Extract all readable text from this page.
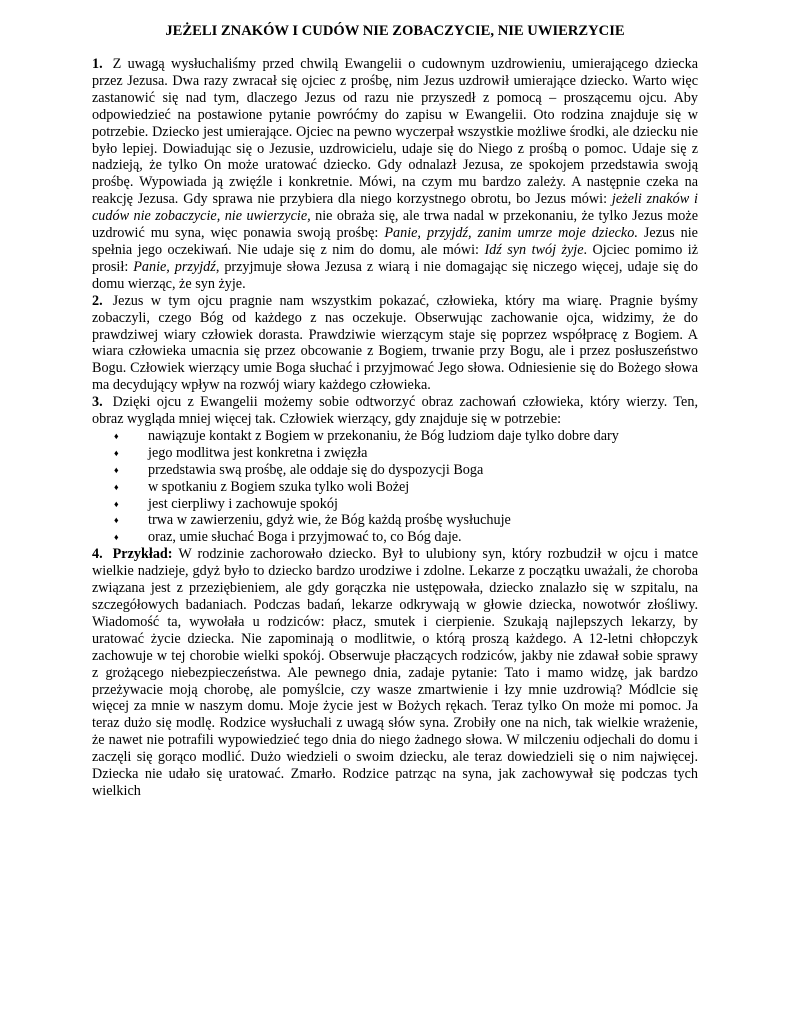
JEŻELI ZNAKÓW I CUDÓW NIE ZOBACZYCIE, NIE UWIERZYCIE

1. Z uwagą wysłuchaliśmy przed chwilą Ewangelii o cudownym uzdrowieniu, umierającego dziecka przez Jezusa. Dwa razy zwracał się ojciec z prośbę, nim Jezus uzdrowił umierające dziecko. Warto więc zastanowić się nad tym, dlaczego Jezus od razu nie przyszedł z pomocą – proszącemu ojcu. Aby odpowiedzieć na postawione pytanie powróćmy do zapisu w Ewangelii. Oto rodzina znajduje się w potrzebie. Dziecko jest umierające. Ojciec na pewno wyczerpał wszystkie możliwe środki, ale dziecku nie było lepiej. Dowiadując się o Jezusie, uzdrowicielu, udaje się do Niego z prośbą o pomoc. Udaje się z nadzieją, że tylko On może uratować dziecko. Gdy odnalazł Jezusa, ze spokojem przedstawia swoją prośbę. Wypowiada ją zwięźle i konkretnie. Mówi, na czym mu bardzo zależy. A następnie czeka na reakcję Jezusa. Gdy sprawa nie przybiera dla niego korzystnego obrotu, bo Jezus mówi: jeżeli znaków i cudów nie zobaczycie, nie uwierzycie, nie obraża się, ale trwa nadal w przekonaniu, że tylko Jezus może uzdrowić mu syna, więc ponawia swoją prośbę: Panie, przyjdź, zanim umrze moje dziecko. Jezus nie spełnia jego oczekiwań. Nie udaje się z nim do domu, ale mówi: Idź syn twój żyje. Ojciec pomimo iż prosił: Panie, przyjdź, przyjmuje słowa Jezusa z wiarą i nie domagając się niczego więcej, udaje się do domu wierząc, że syn żyje.

2. Jezus w tym ojcu pragnie nam wszystkim pokazać, człowieka, który ma wiarę. Pragnie byśmy zobaczyli, czego Bóg od każdego z nas oczekuje. Obserwując zachowanie ojca, widzimy, że do prawdziwej wiary człowiek dorasta. Prawdziwie wierzącym staje się poprzez współpracę z Bogiem. A wiara człowieka umacnia się przez obcowanie z Bogiem, trwanie przy Bogu, ale i przez posłuszeństwo Bogu. Człowiek wierzący umie Boga słuchać i przyjmować Jego słowa. Odniesienie się do Bożego słowa ma decydujący wpływ na rozwój wiary każdego człowieka.

3. Dzięki ojcu z Ewangelii możemy sobie odtworzyć obraz zachowań człowieka, który wierzy. Ten, obraz wygląda mniej więcej tak. Człowiek wierzący, gdy znajduje się w potrzebie:

♦ nawiązuje kontakt z Bogiem w przekonaniu, że Bóg ludziom daje tylko dobre dary
♦ jego modlitwa jest konkretna i zwięzła
♦ przedstawia swą prośbę, ale oddaje się do dyspozycji Boga
♦ w spotkaniu z Bogiem szuka tylko woli Bożej
♦ jest cierpliwy i zachowuje spokój
♦ trwa w zawierzeniu, gdyż wie, że Bóg każdą prośbę wysłuchuje
♦ oraz, umie słuchać Boga i przyjmować to, co Bóg daje.

4. Przykład: W rodzinie zachorowało dziecko. Był to ulubiony syn, który rozbudził w ojcu i matce wielkie nadzieje, gdyż było to dziecko bardzo urodziwe i zdolne. Lekarze z początku uważali, że choroba związana jest z przeziębieniem, ale gdy gorączka nie ustępowała, dziecko znalazło się w szpitalu, na szczegółowych badaniach. Podczas badań, lekarze odkrywają w głowie dziecka, nowotwór złośliwy. Wiadomość ta, wywołała u rodziców: płacz, smutek i cierpienie. Szukają najlepszych lekarzy, by uratować życie dziecka. Nie zapominają o modlitwie, o którą proszą każdego. A 12-letni chłopczyk zachowuje w tej chorobie wielki spokój. Obserwuje płaczących rodziców, jakby nie zdawał sobie sprawy z grożącego niebezpieczeństwa. Ale pewnego dnia, zadaje pytanie: Tato i mamo widzę, jak bardzo przeżywacie moją chorobę, ale pomyślcie, czy wasze zmartwienie i łzy mnie uzdrowią? Módlcie się więcej za mnie w naszym domu. Moje życie jest w Bożych rękach. Teraz tylko On może mi pomoc. Ja teraz dużo się modlę. Rodzice wysłuchali z uwagą słów syna. Zrobiły one na nich, tak wielkie wrażenie, że nawet nie potrafili wypowiedzieć tego dnia do niego żadnego słowa. W milczeniu odjechali do domu i zaczęli się gorąco modlić. Dużo wiedzieli o swoim dziecku, ale teraz dowiedzieli się o nim najwięcej. Dziecka nie udało się uratować. Zmarło. Rodzice patrząc na syna, jak zachowywał się podczas tych wielkich
